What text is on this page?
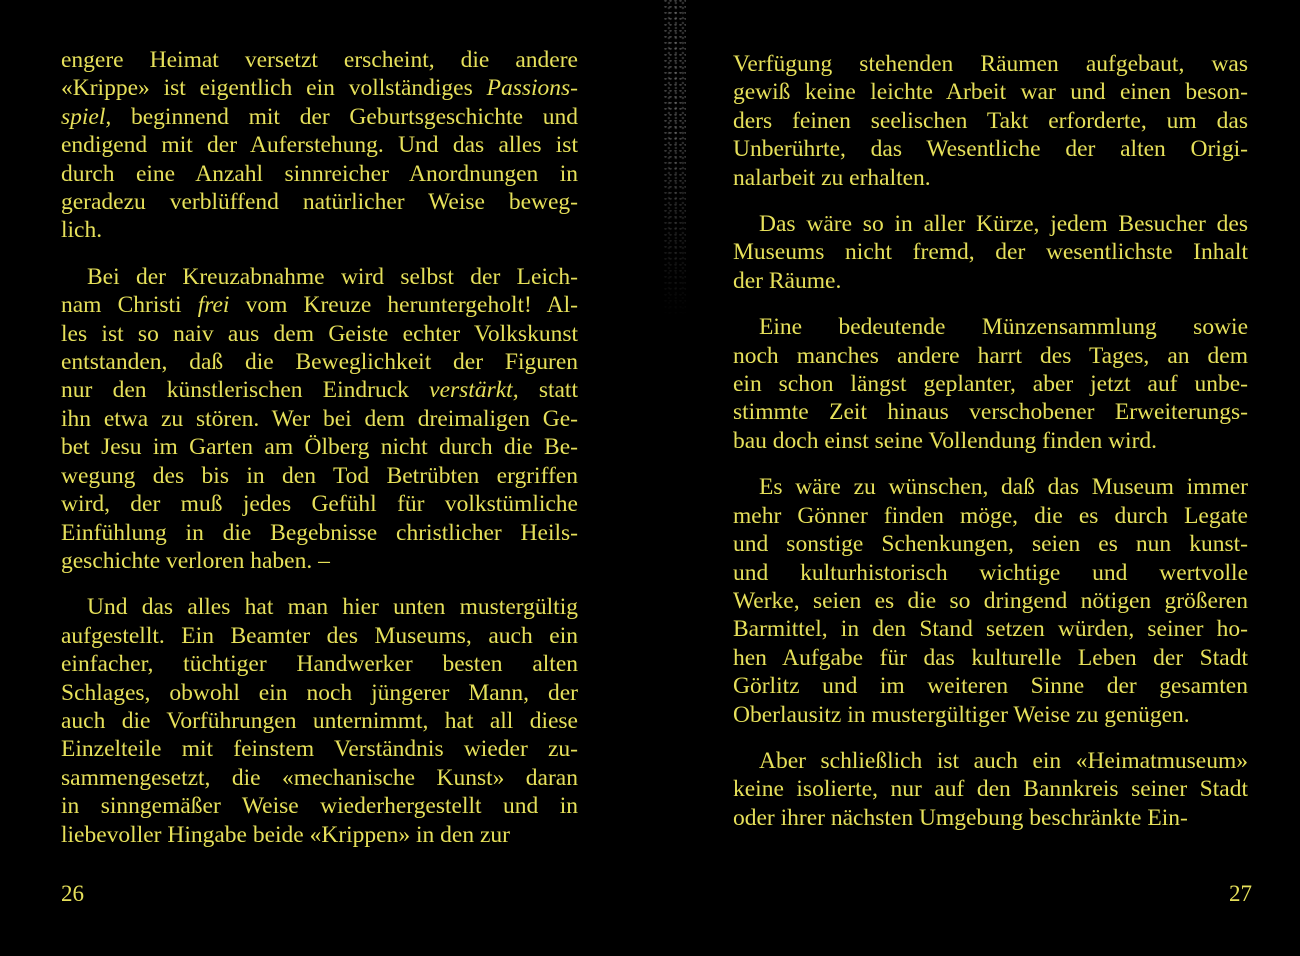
engere Heimat versetzt erscheint, die andere
«Krippe» ist eigentlich ein vollständiges Passions-
spiel, beginnend mit der Geburtsgeschichte und
endigend mit der Auferstehung. Und das alles ist
durch eine Anzahl sinnreicher Anordnungen in
geradezu verblüffend natürlicher Weise beweg-
lich.

Bei der Kreuzabnahme wird selbst der Leich-
nam Christi frei vom Kreuze heruntergeholt! Al-
les ist so naiv aus dem Geiste echter Volkskunst
entstanden, daß die Beweglichkeit der Figuren
nur den künstlerischen Eindruck verstärkt, statt
ihn etwa zu stören. Wer bei dem dreimaligen Ge-
bet Jesu im Garten am Ölberg nicht durch die Be-
wegung des bis in den Tod Betrübten ergriffen
wird, der muß jedes Gefühl für volkstümliche
Einfühlung in die Begebnisse christlicher Heils-
geschichte verloren haben. –

Und das alles hat man hier unten mustergültig
aufgestellt. Ein Beamter des Museums, auch ein
einfacher, tüchtiger Handwerker besten alten
Schlages, obwohl ein noch jüngerer Mann, der
auch die Vorführungen unternimmt, hat all diese
Einzelteile mit feinstem Verständnis wieder zu-
sammengesetzt, die «mechanische Kunst» daran
in sinngemäßer Weise wiederhergestellt und in
liebevoller Hingabe beide «Krippen» in den zur

26

Verfügung stehenden Räumen aufgebaut, was
gewiß keine leichte Arbeit war und einen beson-
ders feinen seelischen Takt erforderte, um das
Unberührte, das Wesentliche der alten Origi-
nalarbeit zu erhalten.

Das wäre so in aller Kürze, jedem Besucher des
Museums nicht fremd, der wesentlichste Inhalt
der Räume.

Eine bedeutende Münzensammlung sowie
noch manches andere harrt des Tages, an dem
ein schon längst geplanter, aber jetzt auf unbe-
stimmte Zeit hinaus verschobener Erweiterungs-
bau doch einst seine Vollendung finden wird.

Es wäre zu wünschen, daß das Museum immer
mehr Gönner finden möge, die es durch Legate
und sonstige Schenkungen, seien es nun kunst-
und kulturhistorisch wichtige und wertvolle
Werke, seien es die so dringend nötigen größeren
Barmittel, in den Stand setzen würden, seiner ho-
hen Aufgabe für das kulturelle Leben der Stadt
Görlitz und im weiteren Sinne der gesamten
Oberlausitz in mustergültiger Weise zu genügen.

Aber schließlich ist auch ein «Heimatmuseum»
keine isolierte, nur auf den Bannkreis seiner Stadt
oder ihrer nächsten Umgebung beschränkte Ein-

27
